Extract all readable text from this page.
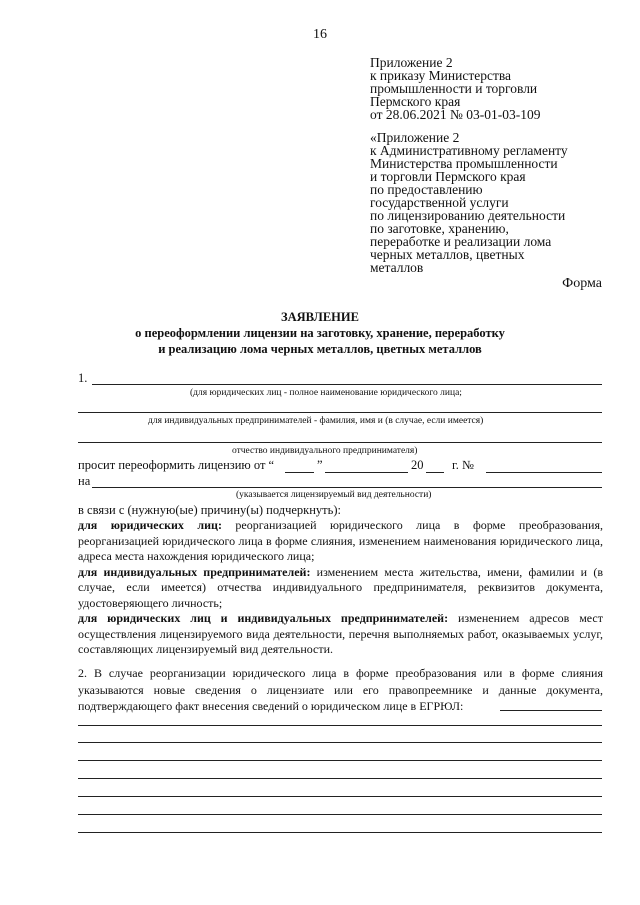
16
Приложение 2
к приказу Министерства
промышленности и торговли
Пермского края
от 28.06.2021 № 03-01-03-109
«Приложение 2
к Административному регламенту
Министерства промышленности
и торговли Пермского края
по предоставлению
государственной услуги
по лицензированию деятельности
по заготовке, хранению,
переработке и реализации лома
черных металлов, цветных
металлов
Форма
ЗАЯВЛЕНИЕ
о переоформлении лицензии на заготовку, хранение, переработку
и реализацию лома черных металлов, цветных металлов
1.
(для юридических лиц - полное наименование юридического лица;
для индивидуальных предпринимателей - фамилия, имя и (в случае, если имеется)
отчество индивидуального предпринимателя)
просит переоформить лицензию от “	”	20 г. №
на
(указывается лицензируемый вид деятельности)
в связи с (нужную(ые) причину(ы) подчеркнуть):

для юридических лиц: реорганизацией юридического лица в форме преобразования, реорганизацией юридического лица в форме слияния, изменением наименования юридического лица, адреса места нахождения юридического лица;

для индивидуальных предпринимателей: изменением места жительства, имени, фамилии и (в случае, если имеется) отчества индивидуального предпринимателя, реквизитов документа, удостоверяющего личность;

для юридических лиц и индивидуальных предпринимателей: изменением адресов мест осуществления лицензируемого вида деятельности, перечня выполняемых работ, оказываемых услуг, составляющих лицензируемый вид деятельности.

2. В случае реорганизации юридического лица в форме преобразования или в форме слияния указываются новые сведения о лицензиате или его правопреемнике и данные документа, подтверждающего факт внесения сведений о юридическом лице в ЕГРЮЛ:
